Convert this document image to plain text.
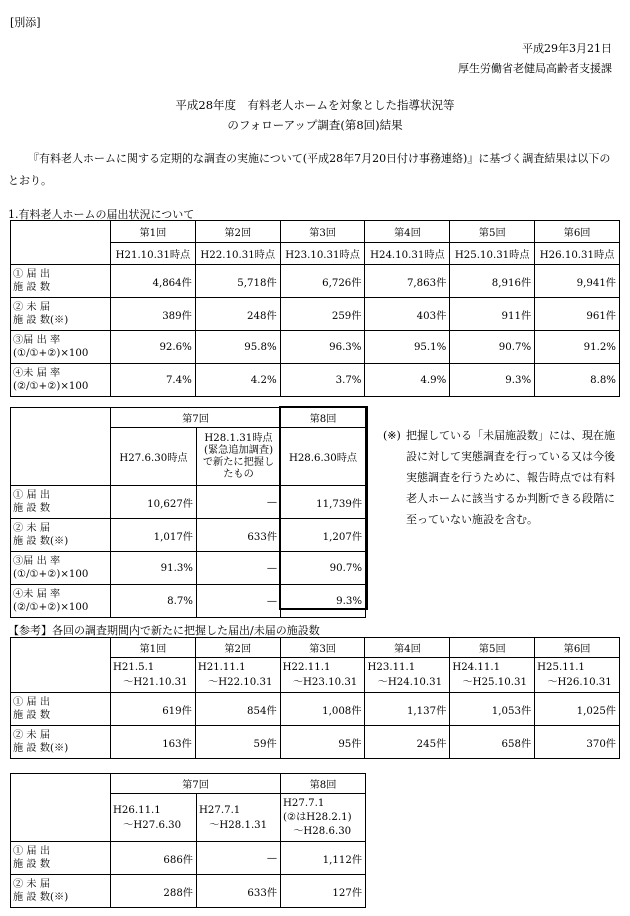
[別添]
平成29年3月21日
厚生労働省老健局高齢者支援課
平成28年度　有料老人ホームを対象とした指導状況等
のフォローアップ調査(第8回)結果
『有料老人ホームに関する定期的な調査の実施について(平成28年7月20日付け事務連絡)』に基づく調査結果は以下のとおり。
1.有料老人ホームの届出状況について
	第1回	第2回	第3回	第4回	第5回	第6回
	H21.10.31時点	H22.10.31時点	H23.10.31時点	H24.10.31時点	H25.10.31時点	H26.10.31時点

① 届 出
施 設 数	4,864件	5,718件	6,726件	7,863件	8,916件	9,941件

② 未 届
施 設 数(※)	389件	248件	259件	403件	911件	961件

③届 出 率
(①/①+②)×100	92.6%	95.8%	96.3%	95.1%	90.7%	91.2%

④未 届 率
(②/①+②)×100	7.4%	4.2%	3.7%	4.9%	9.3%	8.8%
	第7回		第8回
	H27.6.30時点	H28.1.31時点(緊急追加調査)で新たに把握したもの	H28.6.30時点

① 届 出
施 設 数	10,627件	—	11,739件

② 未 届
施 設 数(※)	1,017件	633件	1,207件

③届 出 率
(①/①+②)×100	91.3%	—	90.7%

④未 届 率
(②/①+②)×100	8.7%	—	9.3%
(※) 把握している「未届施設数」には、現在施設に対して実態調査を行っている又は今後実態調査を行うために、報告時点では有料老人ホームに該当するか判断できる段階に至っていない施設を含む。
【参考】各回の調査期間内で新たに把握した届出/未届の施設数
	第1回	第2回	第3回	第4回	第5回	第6回
	H21.5.1
　～H21.10.31	H21.11.1
　～H22.10.31	H22.11.1
　～H23.10.31	H23.11.1
　～H24.10.31	H24.11.1
　～H25.10.31	H25.11.1
　～H26.10.31

① 届 出
施 設 数	619件	854件	1,008件	1,137件	1,053件	1,025件

② 未 届
施 設 数(※)	163件	59件	95件	245件	658件	370件
	第7回		第8回
	H26.11.1
　～H27.6.30	H27.7.1
　～H28.1.31	H27.7.1
(②はH28.2.1)
　～H28.6.30

① 届 出
施 設 数	686件	—	1,112件

② 未 届
施 設 数(※)	288件	633件	127件
